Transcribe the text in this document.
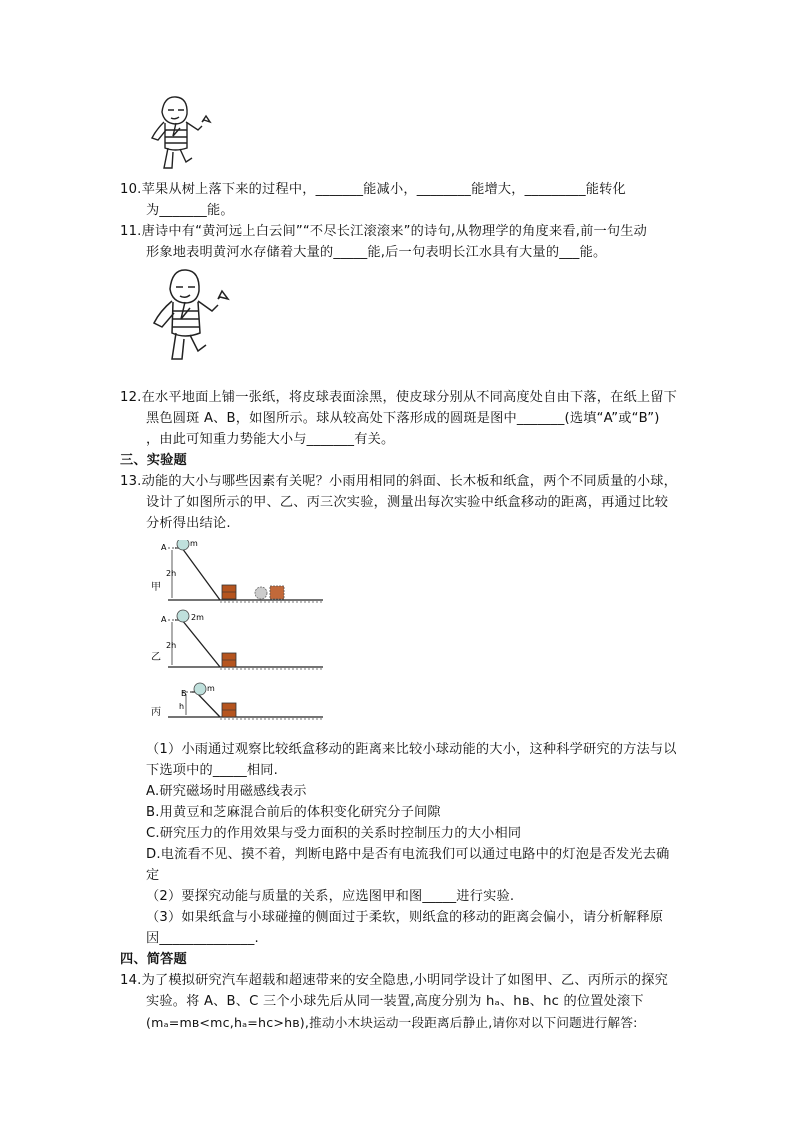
10.苹果从树上落下来的过程中，_______能减小，________能增大，_________能转化
为_______能。
11.唐诗中有“黄河远上白云间”“不尽长江滚滚来”的诗句,从物理学的角度来看,前一句生动
形象地表明黄河水存储着大量的_____能,后一句表明长江水具有大量的___能。
12.在水平地面上铺一张纸，将皮球表面涂黑，使皮球分别从不同高度处自由下落，在纸上留下
黑色圆斑 A、B，如图所示。球从较高处下落形成的圆斑是图中_______(选填“A”或“B”)
，由此可知重力势能大小与_______有关。
三、实验题
13.动能的大小与哪些因素有关呢？小雨用相同的斜面、长木板和纸盒，两个不同质量的小球，
设计了如图所示的甲、乙、丙三次实验，测量出每次实验中纸盒移动的距离，再通过比较
分析得出结论.
m
A
2h
甲
2m
A
2h
乙
m
B
h
丙
（1）小雨通过观察比较纸盒移动的距离来比较小球动能的大小，这种科学研究的方法与以
下选项中的_____相同.
A.研究磁场时用磁感线表示
B.用黄豆和芝麻混合前后的体积变化研究分子间隙
C.研究压力的作用效果与受力面积的关系时控制压力的大小相同
D.电流看不见、摸不着，判断电路中是否有电流我们可以通过电路中的灯泡是否发光去确
定
（2）要探究动能与质量的关系，应选图甲和图_____进行实验.
（3）如果纸盒与小球碰撞的侧面过于柔软，则纸盒的移动的距离会偏小，请分析解释原
因______________.
四、简答题
14.为了模拟研究汽车超载和超速带来的安全隐患,小明同学设计了如图甲、乙、丙所示的探究
实验。将 A、B、C 三个小球先后从同一装置,高度分别为 hₐ、hʙ、hᴄ 的位置处滚下
(mₐ=mʙ<mᴄ,hₐ=hᴄ>hʙ),推动小木块运动一段距离后静止,请你对以下问题进行解答:
